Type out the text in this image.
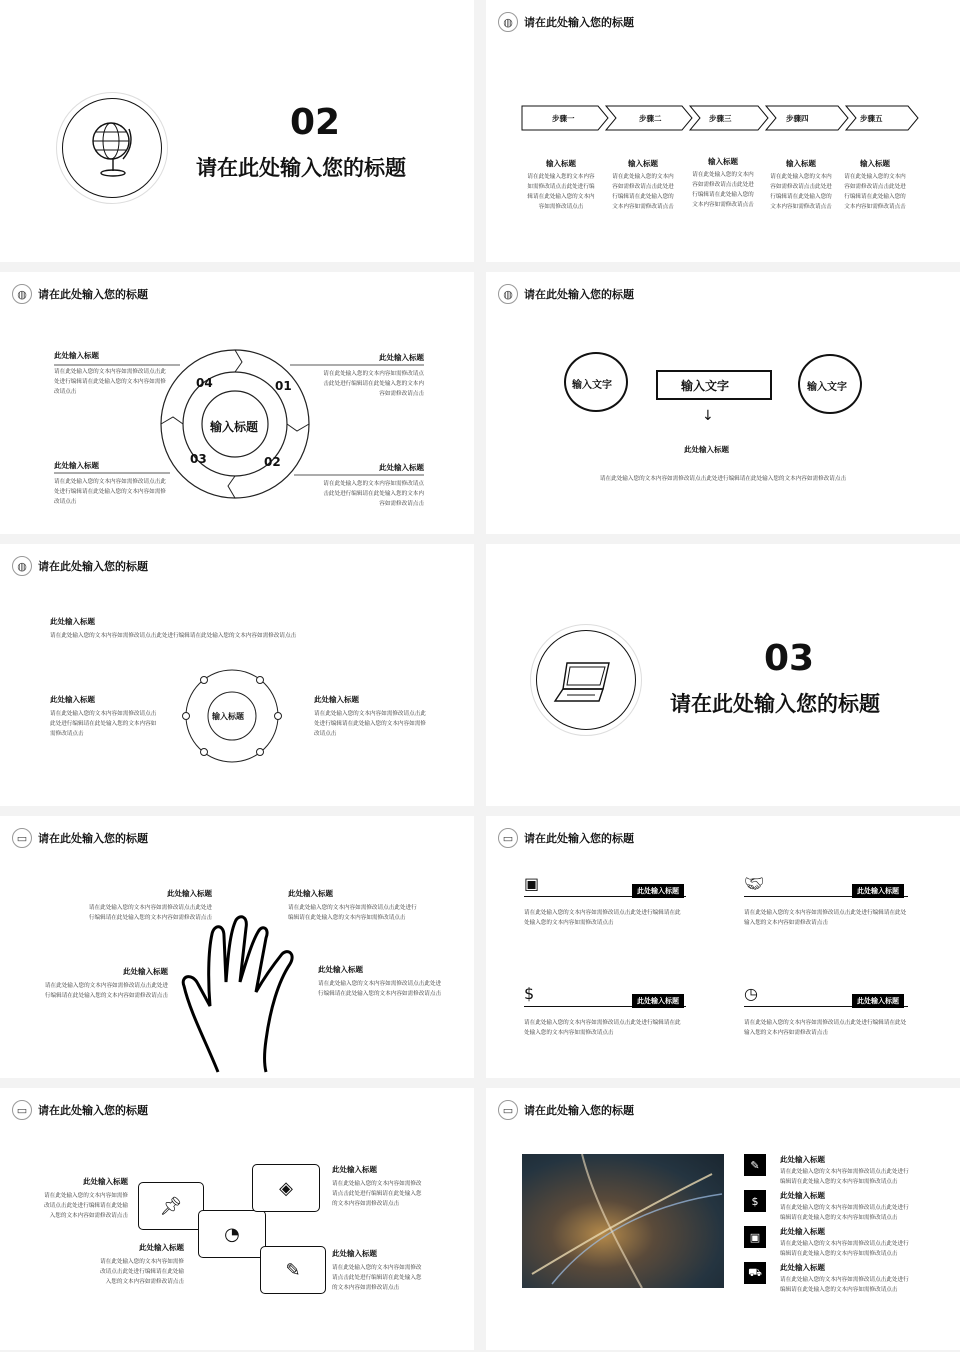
02
请在此处输入您的标题
◍	请在此处输入您的标题
步骤一	步骤二	步骤三	步骤四	步骤五
输入标题
请在此处输入您的文本内容如需修改请点击此处进行编辑请在此处输入您的文本内容如需修改请点击
输入标题
请在此处输入您的文本内容如需修改请点击此处进行编辑请在此处输入您的文本内容如需修改请点击
输入标题
请在此处输入您的文本内容如需修改请点击此处进行编辑请在此处输入您的文本内容如需修改请点击
输入标题
请在此处输入您的文本内容如需修改请点击此处进行编辑请在此处输入您的文本内容如需修改请点击
输入标题
请在此处输入您的文本内容如需修改请点击此处进行编辑请在此处输入您的文本内容如需修改请点击
◍	请在此处输入您的标题
输入标题
04	01
03	02
此处输入标题
请在此处输入您的文本内容如需修改请点击此处进行编辑请在此处输入您的文本内容如需修改请点击
此处输入标题
请在此处输入您的文本内容如需修改请点击此处进行编辑请在此处输入您的文本内容如需修改请点击
此处输入标题
请在此处输入您的文本内容如需修改请点击此处进行编辑请在此处输入您的文本内容如需修改请点击
此处输入标题
请在此处输入您的文本内容如需修改请点击此处进行编辑请在此处输入您的文本内容如需修改请点击
◍	请在此处输入您的标题
输入文字	输入文字	输入文字
↓
此处输入标题
请在此处输入您的文本内容如需修改请点击此处进行编辑请在此处输入您的文本内容如需修改请点击
◍	请在此处输入您的标题
此处输入标题
请在此处输入您的文本内容如需修改请点击此处进行编辑请在此处输入您的文本内容如需修改请点击
输入标题
此处输入标题
请在此处输入您的文本内容如需修改请点击此处进行编辑请在此处输入您的文本内容如需修改请点击
此处输入标题
请在此处输入您的文本内容如需修改请点击此处进行编辑请在此处输入您的文本内容如需修改请点击
03
请在此处输入您的标题
▭ 请在此处输入您的标题
此处输入标题
请在此处输入您的文本内容如需修改请点击此处进行编辑请在此处输入您的文本内容如需修改请点击
此处输入标题
请在此处输入您的文本内容如需修改请点击此处进行编辑请在此处输入您的文本内容如需修改请点击
此处输入标题
请在此处输入您的文本内容如需修改请点击此处进行编辑请在此处输入您的文本内容如需修改请点击
此处输入标题
请在此处输入您的文本内容如需修改请点击此处进行编辑请在此处输入您的文本内容如需修改请点击
▭ 请在此处输入您的标题
▣	此处输入标题
请在此处输入您的文本内容如需修改请点击此处进行编辑请在此处输入您的文本内容如需修改请点击
🤝︎	此处输入标题
请在此处输入您的文本内容如需修改请点击此处进行编辑请在此处输入您的文本内容如需修改请点击
$	此处输入标题
请在此处输入您的文本内容如需修改请点击此处进行编辑请在此处输入您的文本内容如需修改请点击
◷	此处输入标题
请在此处输入您的文本内容如需修改请点击此处进行编辑请在此处输入您的文本内容如需修改请点击
▭ 请在此处输入您的标题
📌︎
◔
◈
✎
此处输入标题
请在此处输入您的文本内容如需修改请点击此处进行编辑请在此处输入您的文本内容如需修改请点击
此处输入标题
请在此处输入您的文本内容如需修改请点击此处进行编辑请在此处输入您的文本内容如需修改请点击
此处输入标题
请在此处输入您的文本内容如需修改请点击此处进行编辑请在此处输入您的文本内容如需修改请点击
此处输入标题
请在此处输入您的文本内容如需修改请点击此处进行编辑请在此处输入您的文本内容如需修改请点击
▭ 请在此处输入您的标题
✎	此处输入标题
请在此处输入您的文本内容如需修改请点击此处进行编辑请在此处输入您的文本内容如需修改请点击
$	此处输入标题
请在此处输入您的文本内容如需修改请点击此处进行编辑请在此处输入您的文本内容如需修改请点击
▣	此处输入标题
请在此处输入您的文本内容如需修改请点击此处进行编辑请在此处输入您的文本内容如需修改请点击
⛟	此处输入标题
请在此处输入您的文本内容如需修改请点击此处进行编辑请在此处输入您的文本内容如需修改请点击
